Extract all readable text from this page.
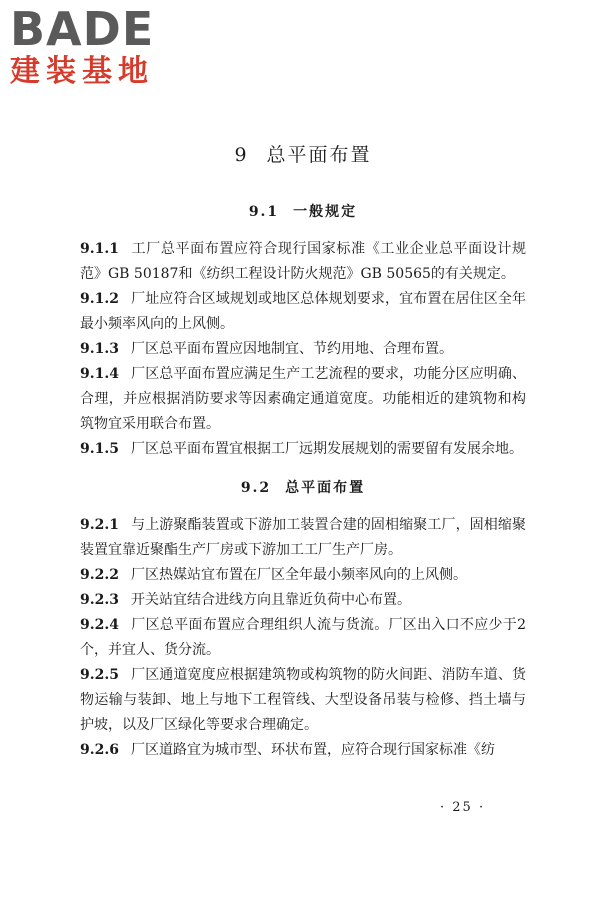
BADE
建装基地
9 总平面布置
9.1 一般规定

9.1.1 工厂总平面布置应符合现行国家标准《工业企业总平面设计规范》GB 50187和《纺织工程设计防火规范》GB 50565的有关规定。

9.1.2 厂址应符合区域规划或地区总体规划要求，宜布置在居住区全年最小频率风向的上风侧。

9.1.3 厂区总平面布置应因地制宜、节约用地、合理布置。

9.1.4 厂区总平面布置应满足生产工艺流程的要求，功能分区应明确、合理，并应根据消防要求等因素确定通道宽度。功能相近的建筑物和构筑物宜采用联合布置。

9.1.5 厂区总平面布置宜根据工厂远期发展规划的需要留有发展余地。

9.2 总平面布置

9.2.1 与上游聚酯装置或下游加工装置合建的固相缩聚工厂，固相缩聚装置宜靠近聚酯生产厂房或下游加工工厂生产厂房。

9.2.2 厂区热媒站宜布置在厂区全年最小频率风向的上风侧。

9.2.3 开关站宜结合进线方向且靠近负荷中心布置。

9.2.4 厂区总平面布置应合理组织人流与货流。厂区出入口不应少于2个，并宜人、货分流。

9.2.5 厂区通道宽度应根据建筑物或构筑物的防火间距、消防车道、货物运输与装卸、地上与地下工程管线、大型设备吊装与检修、挡土墙与护坡，以及厂区绿化等要求合理确定。

9.2.6 厂区道路宜为城市型、环状布置，应符合现行国家标准《纺

· 25 ·
